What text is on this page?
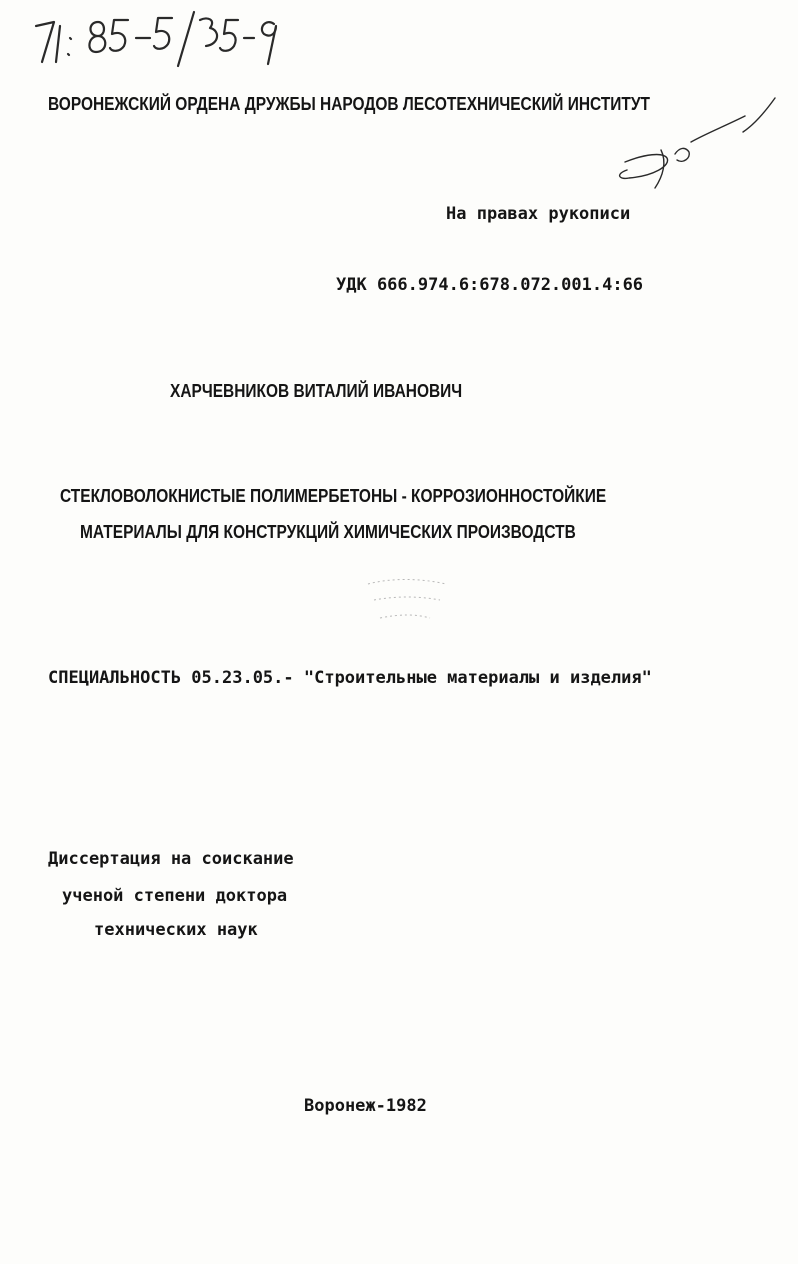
ВОРОНЕЖСКИЙ ОРДЕНА ДРУЖБЫ НАРОДОВ ЛЕСОТЕХНИЧЕСКИЙ ИНСТИТУТ
На правах рукописи
УДК 666.974.6:678.072.001.4:66
ХАРЧЕВНИКОВ ВИТАЛИЙ ИВАНОВИЧ
СТЕКЛОВОЛОКНИСТЫЕ ПОЛИМЕРБЕТОНЫ - КОРРОЗИОННОСТОЙКИЕ
МАТЕРИАЛЫ ДЛЯ КОНСТРУКЦИЙ ХИМИЧЕСКИХ ПРОИЗВОДСТВ
СПЕЦИАЛЬНОСТЬ 05.23.05.- "Строительные материалы и изделия"
Диссертация на соискание
ученой степени доктора
технических наук
Воронеж-1982
